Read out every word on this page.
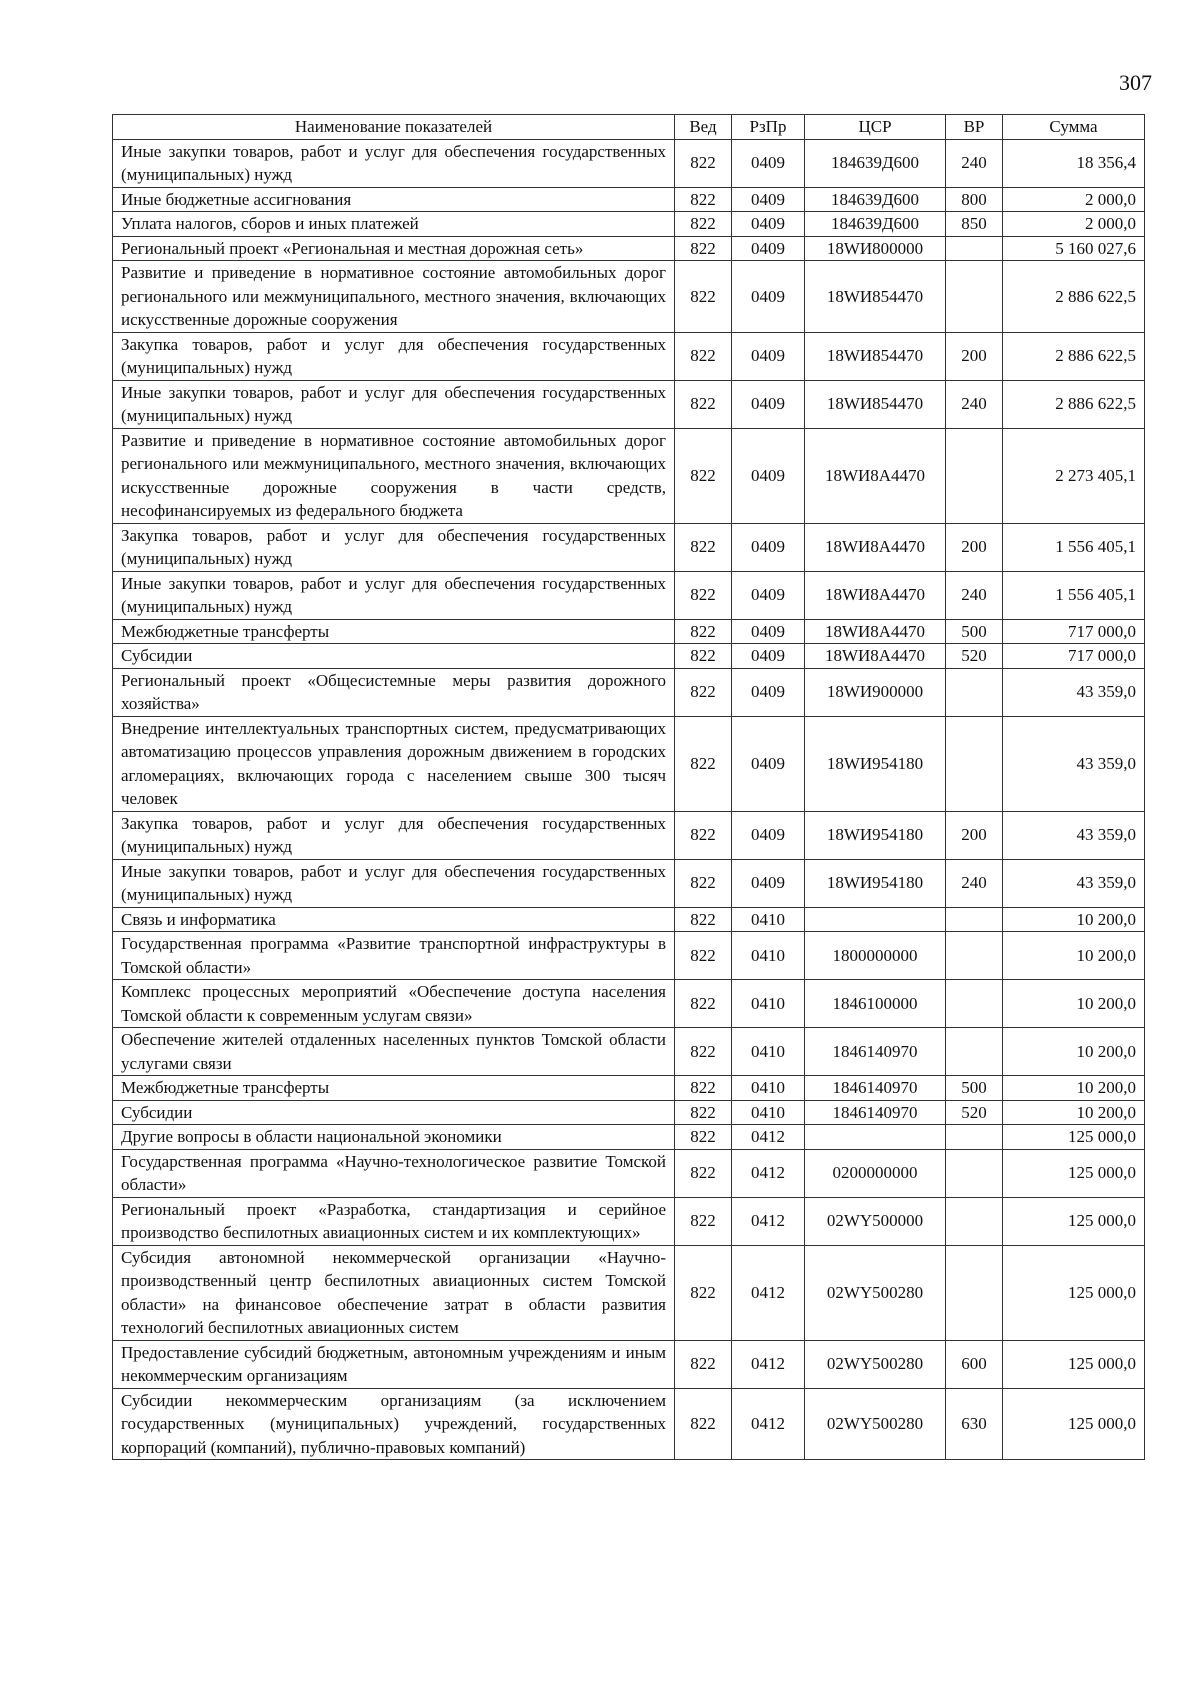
307
Наименование показателей	Вед	РзПр	ЦСР	ВР	Сумма
Иные закупки товаров, работ и услуг для обеспечения государственных (муниципальных) нужд	822	0409	184639Д600	240	18 356,4
Иные бюджетные ассигнования	822	0409	184639Д600	800	2 000,0
Уплата налогов, сборов и иных платежей	822	0409	184639Д600	850	2 000,0
Региональный проект «Региональная и местная дорожная сеть»	822	0409	18WИ800000		5 160 027,6
Развитие и приведение в нормативное состояние автомобильных дорог регионального или межмуниципального, местного значения, включающих искусственные дорожные сооружения	822	0409	18WИ854470		2 886 622,5
Закупка товаров, работ и услуг для обеспечения государственных (муниципальных) нужд	822	0409	18WИ854470	200	2 886 622,5
Иные закупки товаров, работ и услуг для обеспечения государственных (муниципальных) нужд	822	0409	18WИ854470	240	2 886 622,5
Развитие и приведение в нормативное состояние автомобильных дорог регионального или межмуниципального, местного значения, включающих искусственные дорожные сооружения в части средств, несофинансируемых из федерального бюджета	822	0409	18WИ8А4470		2 273 405,1
Закупка товаров, работ и услуг для обеспечения государственных (муниципальных) нужд	822	0409	18WИ8А4470	200	1 556 405,1
Иные закупки товаров, работ и услуг для обеспечения государственных (муниципальных) нужд	822	0409	18WИ8А4470	240	1 556 405,1
Межбюджетные трансферты	822	0409	18WИ8А4470	500	717 000,0
Субсидии	822	0409	18WИ8А4470	520	717 000,0
Региональный проект «Общесистемные меры развития дорожного хозяйства»	822	0409	18WИ900000		43 359,0
Внедрение интеллектуальных транспортных систем, предусматривающих автоматизацию процессов управления дорожным движением в городских агломерациях, включающих города с населением свыше 300 тысяч человек	822	0409	18WИ954180		43 359,0
Закупка товаров, работ и услуг для обеспечения государственных (муниципальных) нужд	822	0409	18WИ954180	200	43 359,0
Иные закупки товаров, работ и услуг для обеспечения государственных (муниципальных) нужд	822	0409	18WИ954180	240	43 359,0
Связь и информатика	822	0410			10 200,0
Государственная программа «Развитие транспортной инфраструктуры в Томской области»	822	0410	1800000000		10 200,0
Комплекс процессных мероприятий «Обеспечение доступа населения Томской области к современным услугам связи»	822	0410	1846100000		10 200,0
Обеспечение жителей отдаленных населенных пунктов Томской области услугами связи	822	0410	1846140970		10 200,0
Межбюджетные трансферты	822	0410	1846140970	500	10 200,0
Субсидии	822	0410	1846140970	520	10 200,0
Другие вопросы в области национальной экономики	822	0412			125 000,0
Государственная программа «Научно-технологическое развитие Томской области»	822	0412	0200000000		125 000,0
Региональный проект «Разработка, стандартизация и серийное производство беспилотных авиационных систем и их комплектующих»	822	0412	02WY500000		125 000,0
Субсидия автономной некоммерческой организации «Научно-производственный центр беспилотных авиационных систем Томской области» на финансовое обеспечение затрат в области развития технологий беспилотных авиационных систем	822	0412	02WY500280		125 000,0
Предоставление субсидий бюджетным, автономным учреждениям и иным некоммерческим организациям	822	0412	02WY500280	600	125 000,0
Субсидии некоммерческим организациям (за исключением государственных (муниципальных) учреждений, государственных корпораций (компаний), публично-правовых компаний)	822	0412	02WY500280	630	125 000,0
